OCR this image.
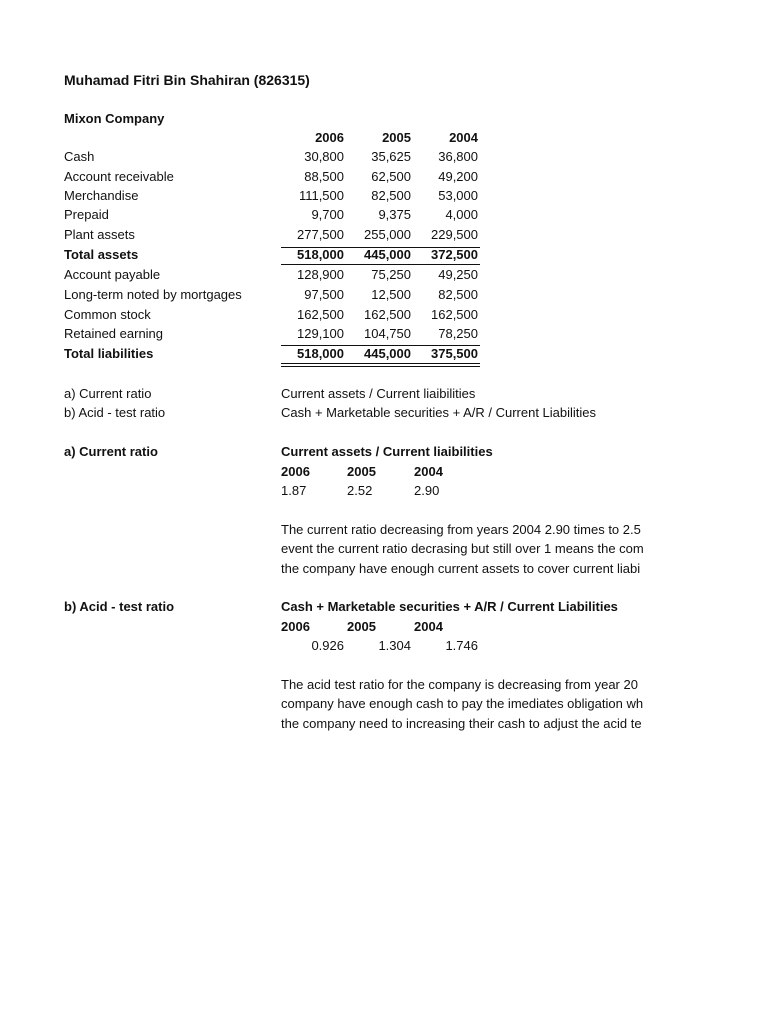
Muhamad Fitri Bin Shahiran (826315)
Mixon Company
2006	2005	2004
Cash	30,800	35,625	36,800
Account receivable	88,500	62,500	49,200
Merchandise	111,500	82,500	53,000
Prepaid	9,700	9,375	4,000
Plant assets	277,500	255,000	229,500
Total assets	518,000	445,000	372,500
Account payable	128,900	75,250	49,250
Long-term noted by mortgages	97,500	12,500	82,500
Common stock	162,500	162,500	162,500
Retained earning	129,100	104,750	78,250
Total liabilities	518,000	445,000	375,500
a) Current ratio	Current assets / Current liaibilities
b) Acid - test ratio	Cash + Marketable securities + A/R / Current Liabilities
a) Current ratio	Current assets / Current liaibilities
2006	2005	2004
1.87	2.52	2.90
The current ratio decreasing from years 2004 2.90 times to 2.5
event the current ratio decrasing but still over 1 means the com
the company have enough current assets to cover current liabi
b) Acid - test ratio	Cash + Marketable securities + A/R / Current Liabilities
2006	2005	2004
0.926	1.304	1.746
The acid test ratio for the company is decreasing from year 20
company have enough cash to pay the imediates obligation wh
the company need to increasing their cash to adjust the acid te
